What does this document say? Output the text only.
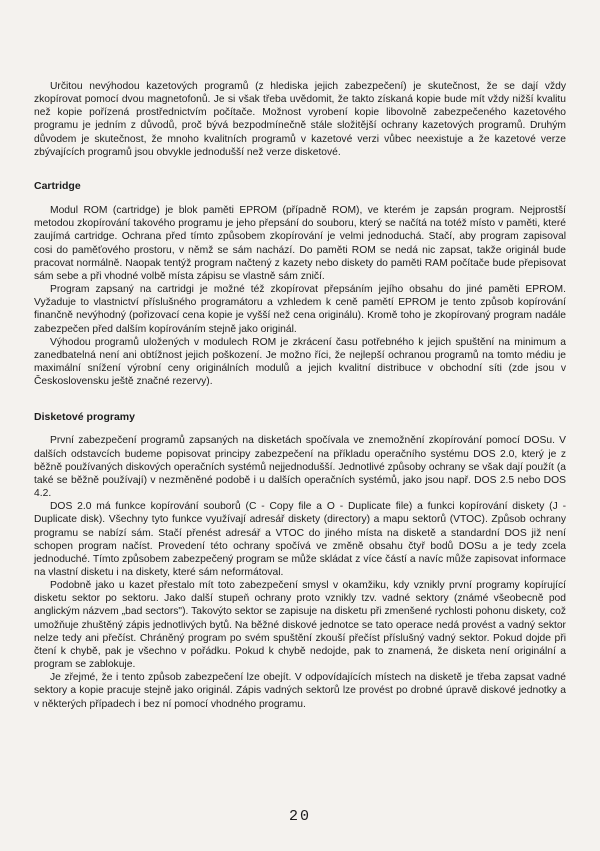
Určitou nevýhodou kazetových programů (z hlediska jejich zabezpečení) je skutečnost, že se dají vždy zkopírovat pomocí dvou magnetofonů. Je si však třeba uvědomit, že takto získaná kopie bude mít vždy nižší kvalitu než kopie pořízená prostřednictvím počítače. Možnost vyrobení kopie libovolně zabezpečeného kazetového programu je jedním z důvodů, proč bývá bezpodmínečně stále složitější ochrany kazetových programů. Druhým důvodem je skutečnost, že mnoho kvalitních programů v kazetové verzi vůbec neexistuje a že kazetové verze zbývajících programů jsou obvykle jednodušší než verze disketové.

Cartridge

Modul ROM (cartridge) je blok paměti EPROM (případně ROM), ve kterém je zapsán program. Nejprostší metodou zkopírování takového programu je jeho přepsání do souboru, který se načítá na totéž místo v paměti, které zaujímá cartridge. Ochrana před tímto způsobem zkopírování je velmi jednoduchá. Stačí, aby program zapisoval cosi do paměťového prostoru, v němž se sám nachází. Do paměti ROM se nedá nic zapsat, takže originál bude pracovat normálně. Naopak tentýž program načtený z kazety nebo diskety do paměti RAM počítače bude přepisovat sám sebe a při vhodné volbě místa zápisu se vlastně sám zničí.

Program zapsaný na cartridgi je možné též zkopírovat přepsáním jejího obsahu do jiné paměti EPROM. Vyžaduje to vlastnictví příslušného programátoru a vzhledem k ceně pamětí EPROM je tento způsob kopírování finančně nevýhodný (pořizovací cena kopie je vyšší než cena originálu). Kromě toho je zkopírovaný program nadále zabezpečen před dalším kopírováním stejně jako originál.

Výhodou programů uložených v modulech ROM je zkrácení času potřebného k jejich spuštění na minimum a zanedbatelná není ani obtížnost jejich poškození. Je možno říci, že nejlepší ochranou programů na tomto médiu je maximální snížení výrobní ceny originálních modulů a jejich kvalitní distribuce v obchodní síti (zde jsou v Československu ještě značné rezervy).

Disketové programy

První zabezpečení programů zapsaných na disketách spočívala ve znemožnění zkopírování pomocí DOSu. V dalších odstavcích budeme popisovat principy zabezpečení na příkladu operačního systému DOS 2.0, který je z běžně používaných diskových operačních systémů nejjednodušší. Jednotlivé způsoby ochrany se však dají použít (a také se běžně používají) v nezměněné podobě i u dalších operačních systémů, jako jsou např. DOS 2.5 nebo DOS 4.2.

DOS 2.0 má funkce kopírování souborů (C - Copy file a O - Duplicate file) a funkci kopírování diskety (J - Duplicate disk). Všechny tyto funkce využívají adresář diskety (directory) a mapu sektorů (VTOC). Způsob ochrany programu se nabízí sám. Stačí přenést adresář a VTOC do jiného místa na disketě a standardní DOS již není schopen program načíst. Provedení této ochrany spočívá ve změně obsahu čtyř bodů DOSu a je tedy zcela jednoduché. Tímto způsobem zabezpečený program se může skládat z více částí a navíc může zapisovat informace na vlastní disketu i na diskety, které sám neformátoval.

Podobně jako u kazet přestalo mít toto zabezpečení smysl v okamžiku, kdy vznikly první programy kopírující disketu sektor po sektoru. Jako další stupeň ochrany proto vznikly tzv. vadné sektory (známé všeobecně pod anglickým názvem „bad sectors"). Takovýto sektor se zapisuje na disketu při zmenšené rychlosti pohonu diskety, což umožňuje zhuštěný zápis jednotlivých bytů. Na běžné diskové jednotce se tato operace nedá provést a vadný sektor nelze tedy ani přečíst. Chráněný program po svém spuštění zkouší přečíst příslušný vadný sektor. Pokud dojde při čtení k chybě, pak je všechno v pořádku. Pokud k chybě nedojde, pak to znamená, že disketa není originální a program se zablokuje.

Je zřejmé, že i tento způsob zabezpečení lze obejít. V odpovídajících místech na disketě je třeba zapsat vadné sektory a kopie pracuje stejně jako originál. Zápis vadných sektorů lze provést po drobné úpravě diskové jednotky a v některých případech i bez ní pomocí vhodného programu.

20
